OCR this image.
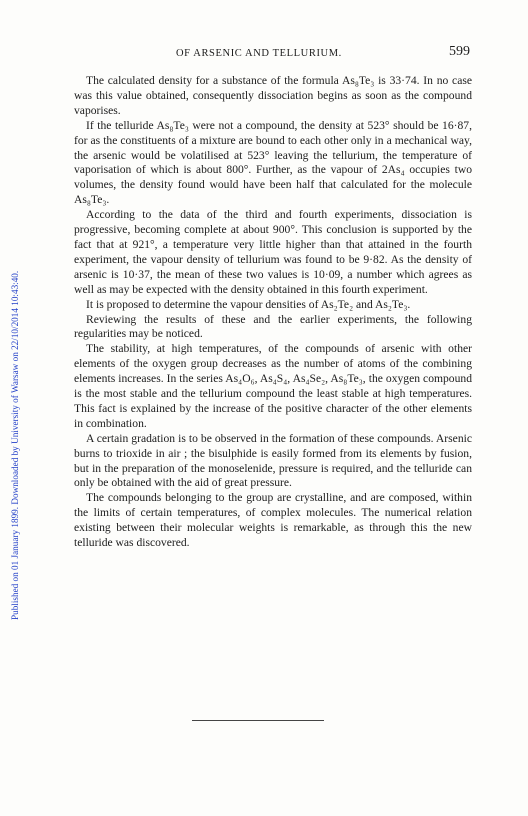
Published on 01 January 1899. Downloaded by University of Warsaw on 22/10/2014 10:43:40.
OF ARSENIC AND TELLURIUM.	599

The calculated density for a substance of the formula As₈Te₃ is 33·74. In no case was this value obtained, consequently dissociation begins as soon as the compound vaporises.

If the telluride As₈Te₃ were not a compound, the density at 523° should be 16·87, for as the constituents of a mixture are bound to each other only in a mechanical way, the arsenic would be volatilised at 523° leaving the tellurium, the temperature of vaporisation of which is about 800°. Further, as the vapour of 2As₄ occupies two volumes, the density found would have been half that calculated for the molecule As₈Te₃.

According to the data of the third and fourth experiments, dissociation is progressive, becoming complete at about 900°. This conclusion is supported by the fact that at 921°, a temperature very little higher than that attained in the fourth experiment, the vapour density of tellurium was found to be 9·82. As the density of arsenic is 10·37, the mean of these two values is 10·09, a number which agrees as well as may be expected with the density obtained in this fourth experiment.

It is proposed to determine the vapour densities of As₂Te₂ and As₂Te₃.

Reviewing the results of these and the earlier experiments, the following regularities may be noticed.

The stability, at high temperatures, of the compounds of arsenic with other elements of the oxygen group decreases as the number of atoms of the combining elements increases. In the series As₄O₆, As₄S₄, As₄Se₂, As₈Te₃, the oxygen compound is the most stable and the tellurium compound the least stable at high temperatures. This fact is explained by the increase of the positive character of the other elements in combination.

A certain gradation is to be observed in the formation of these compounds. Arsenic burns to trioxide in air ; the bisulphide is easily formed from its elements by fusion, but in the preparation of the monoselenide, pressure is required, and the telluride can only be obtained with the aid of great pressure.

The compounds belonging to the group are crystalline, and are composed, within the limits of certain temperatures, of complex molecules. The numerical relation existing between their molecular weights is remarkable, as through this the new telluride was discovered.
